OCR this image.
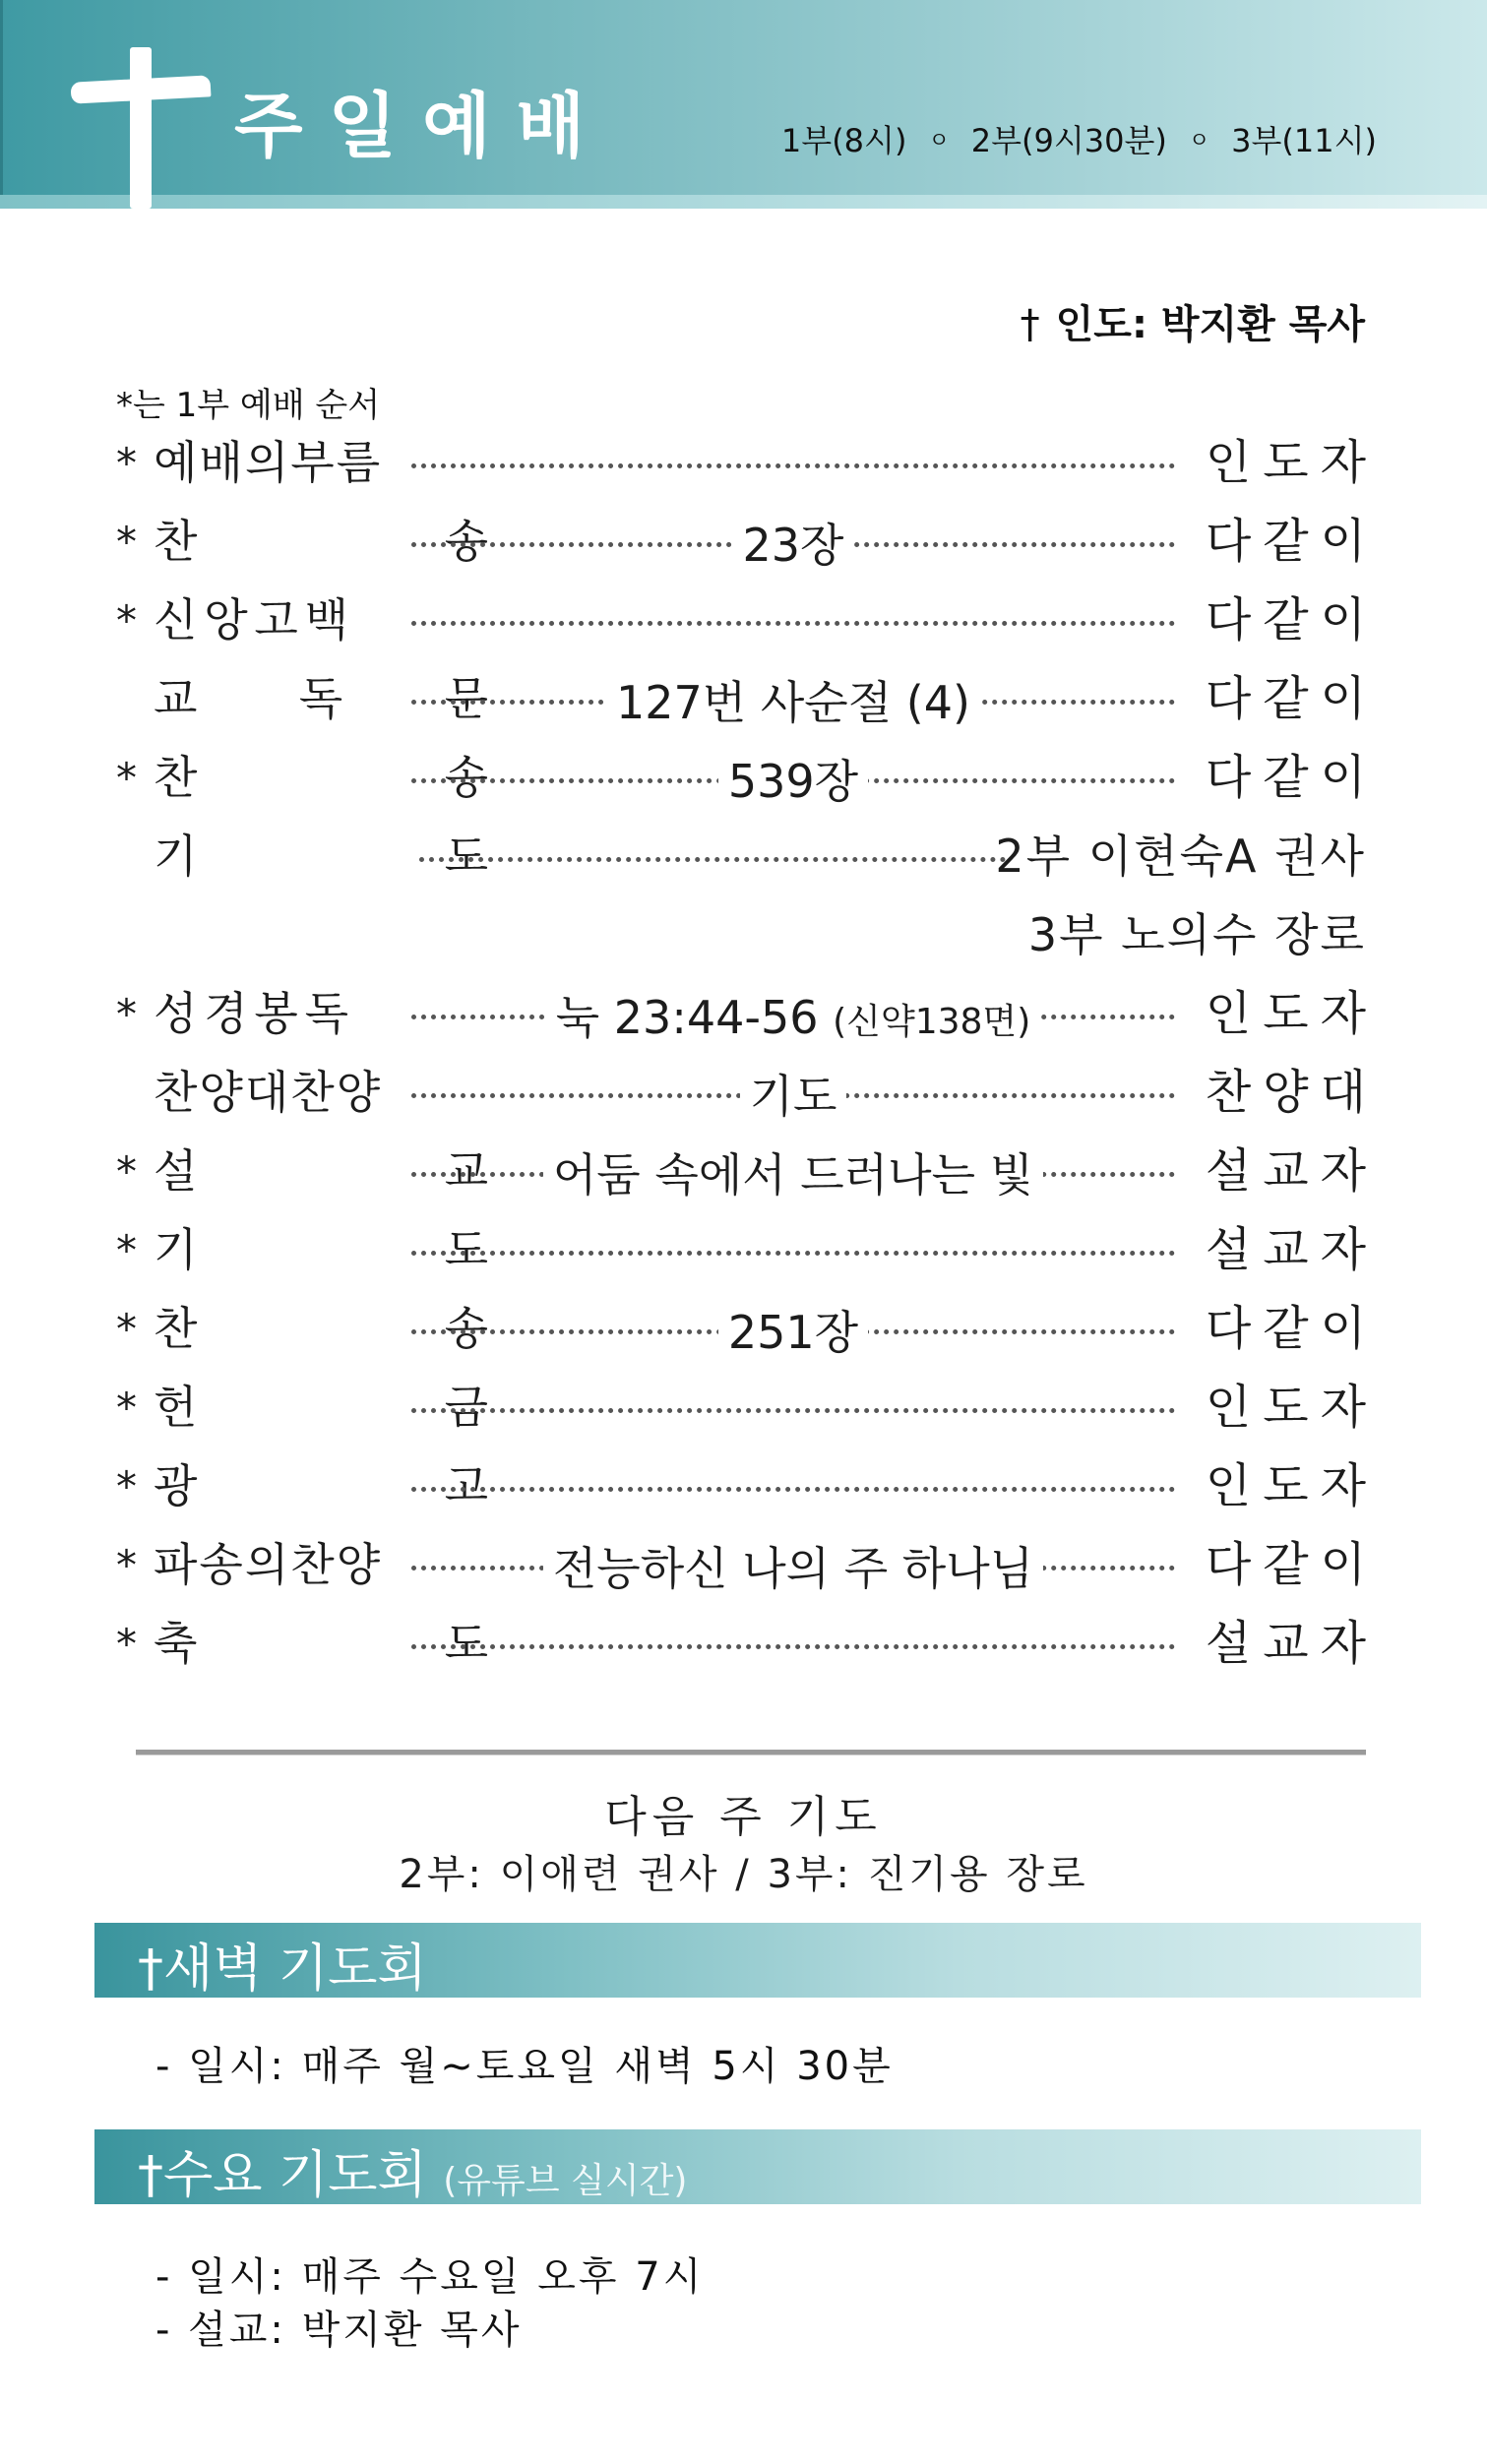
주일예배	1부(8시) ㅇ 2부(9시30분) ㅇ 3부(11시)
† 인도: 박지환 목사
*는 1부 예배 순서
* 예배의부름	인도자
* 찬	송	23장	다같이
* 신 앙 고 백	다같이
교 독 문	127번 사순절 (4)	다같이
* 찬	송	539장	다같이
기	도	2부 이현숙A 권사
3부 노의수 장로
* 성 경 봉 독	눅 23:44-56 (신약138면)	인도자
찬양대찬양	기도	찬양대
* 설	교	어둠 속에서 드러나는 빛	설교자
* 기	도	설교자
* 찬	송	251장	다같이
* 헌	금	인도자
* 광	고	인도자
* 파송의찬양	전능하신 나의 주 하나님	다같이
* 축	도	설교자
다음 주 기도
2부: 이애련 권사 / 3부: 진기용 장로
†새벽 기도회
- 일시: 매주 월~토요일 새벽 5시 30분
†수요 기도회 (유튜브 실시간)
- 일시: 매주 수요일 오후 7시
- 설교: 박지환 목사
